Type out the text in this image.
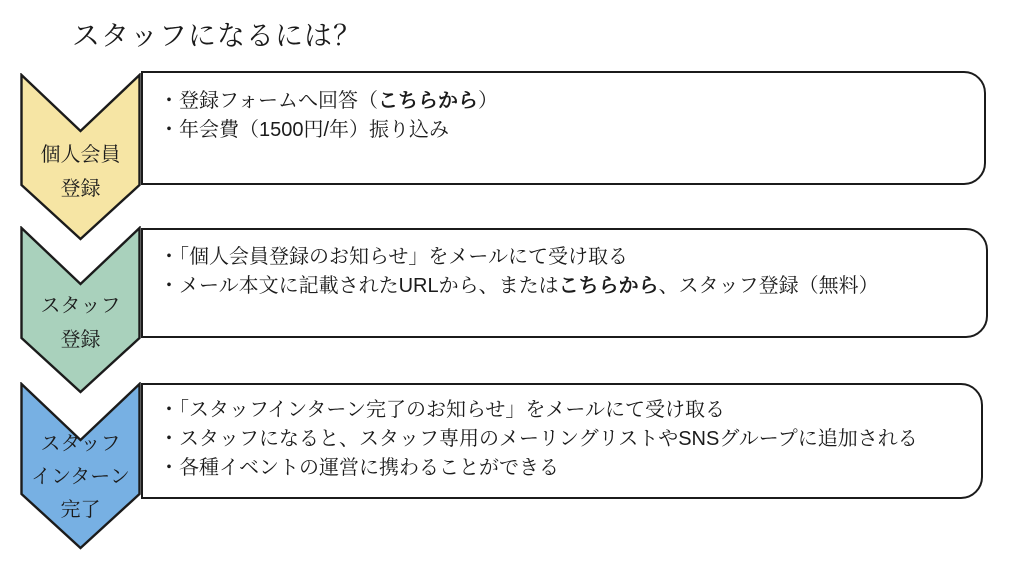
スタッフになるには？
・「スタッフインターン完了のお知らせ」をメールにて受け取る
・スタッフになると、スタッフ専用のメーリングリストやSNSグループに追加される
・各種イベントの運営に携わることができる
スタッフ
インターン
完了
・「個人会員登録のお知らせ」をメールにて受け取る
・メール本文に記載されたURLから、またはこちらから、スタッフ登録（無料）
スタッフ
登録
・登録フォームへ回答（こちらから）
・年会費（1500円/年）振り込み
個人会員
登録
